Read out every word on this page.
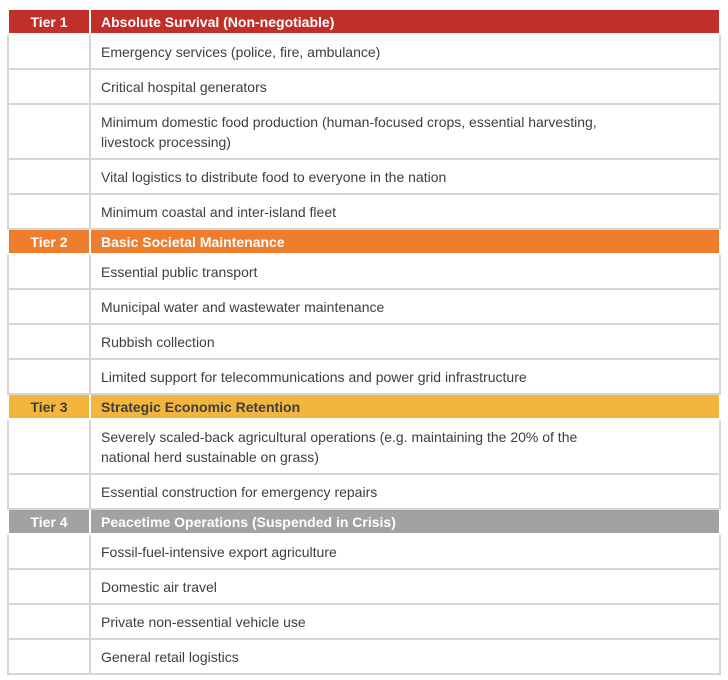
Tier 1	Absolute Survival (Non-negotiable)
	Emergency services (police, fire, ambulance)
	Critical hospital generators
	Minimum domestic food production (human-focused crops, essential harvesting, livestock processing)
	Vital logistics to distribute food to everyone in the nation
	Minimum coastal and inter-island fleet
Tier 2	Basic Societal Maintenance
	Essential public transport
	Municipal water and wastewater maintenance
	Rubbish collection
	Limited support for telecommunications and power grid infrastructure
Tier 3	Strategic Economic Retention
	Severely scaled-back agricultural operations (e.g. maintaining the 20% of the national herd sustainable on grass)
	Essential construction for emergency repairs
Tier 4	Peacetime Operations (Suspended in Crisis)
	Fossil-fuel-intensive export agriculture
	Domestic air travel
	Private non-essential vehicle use
	General retail logistics
